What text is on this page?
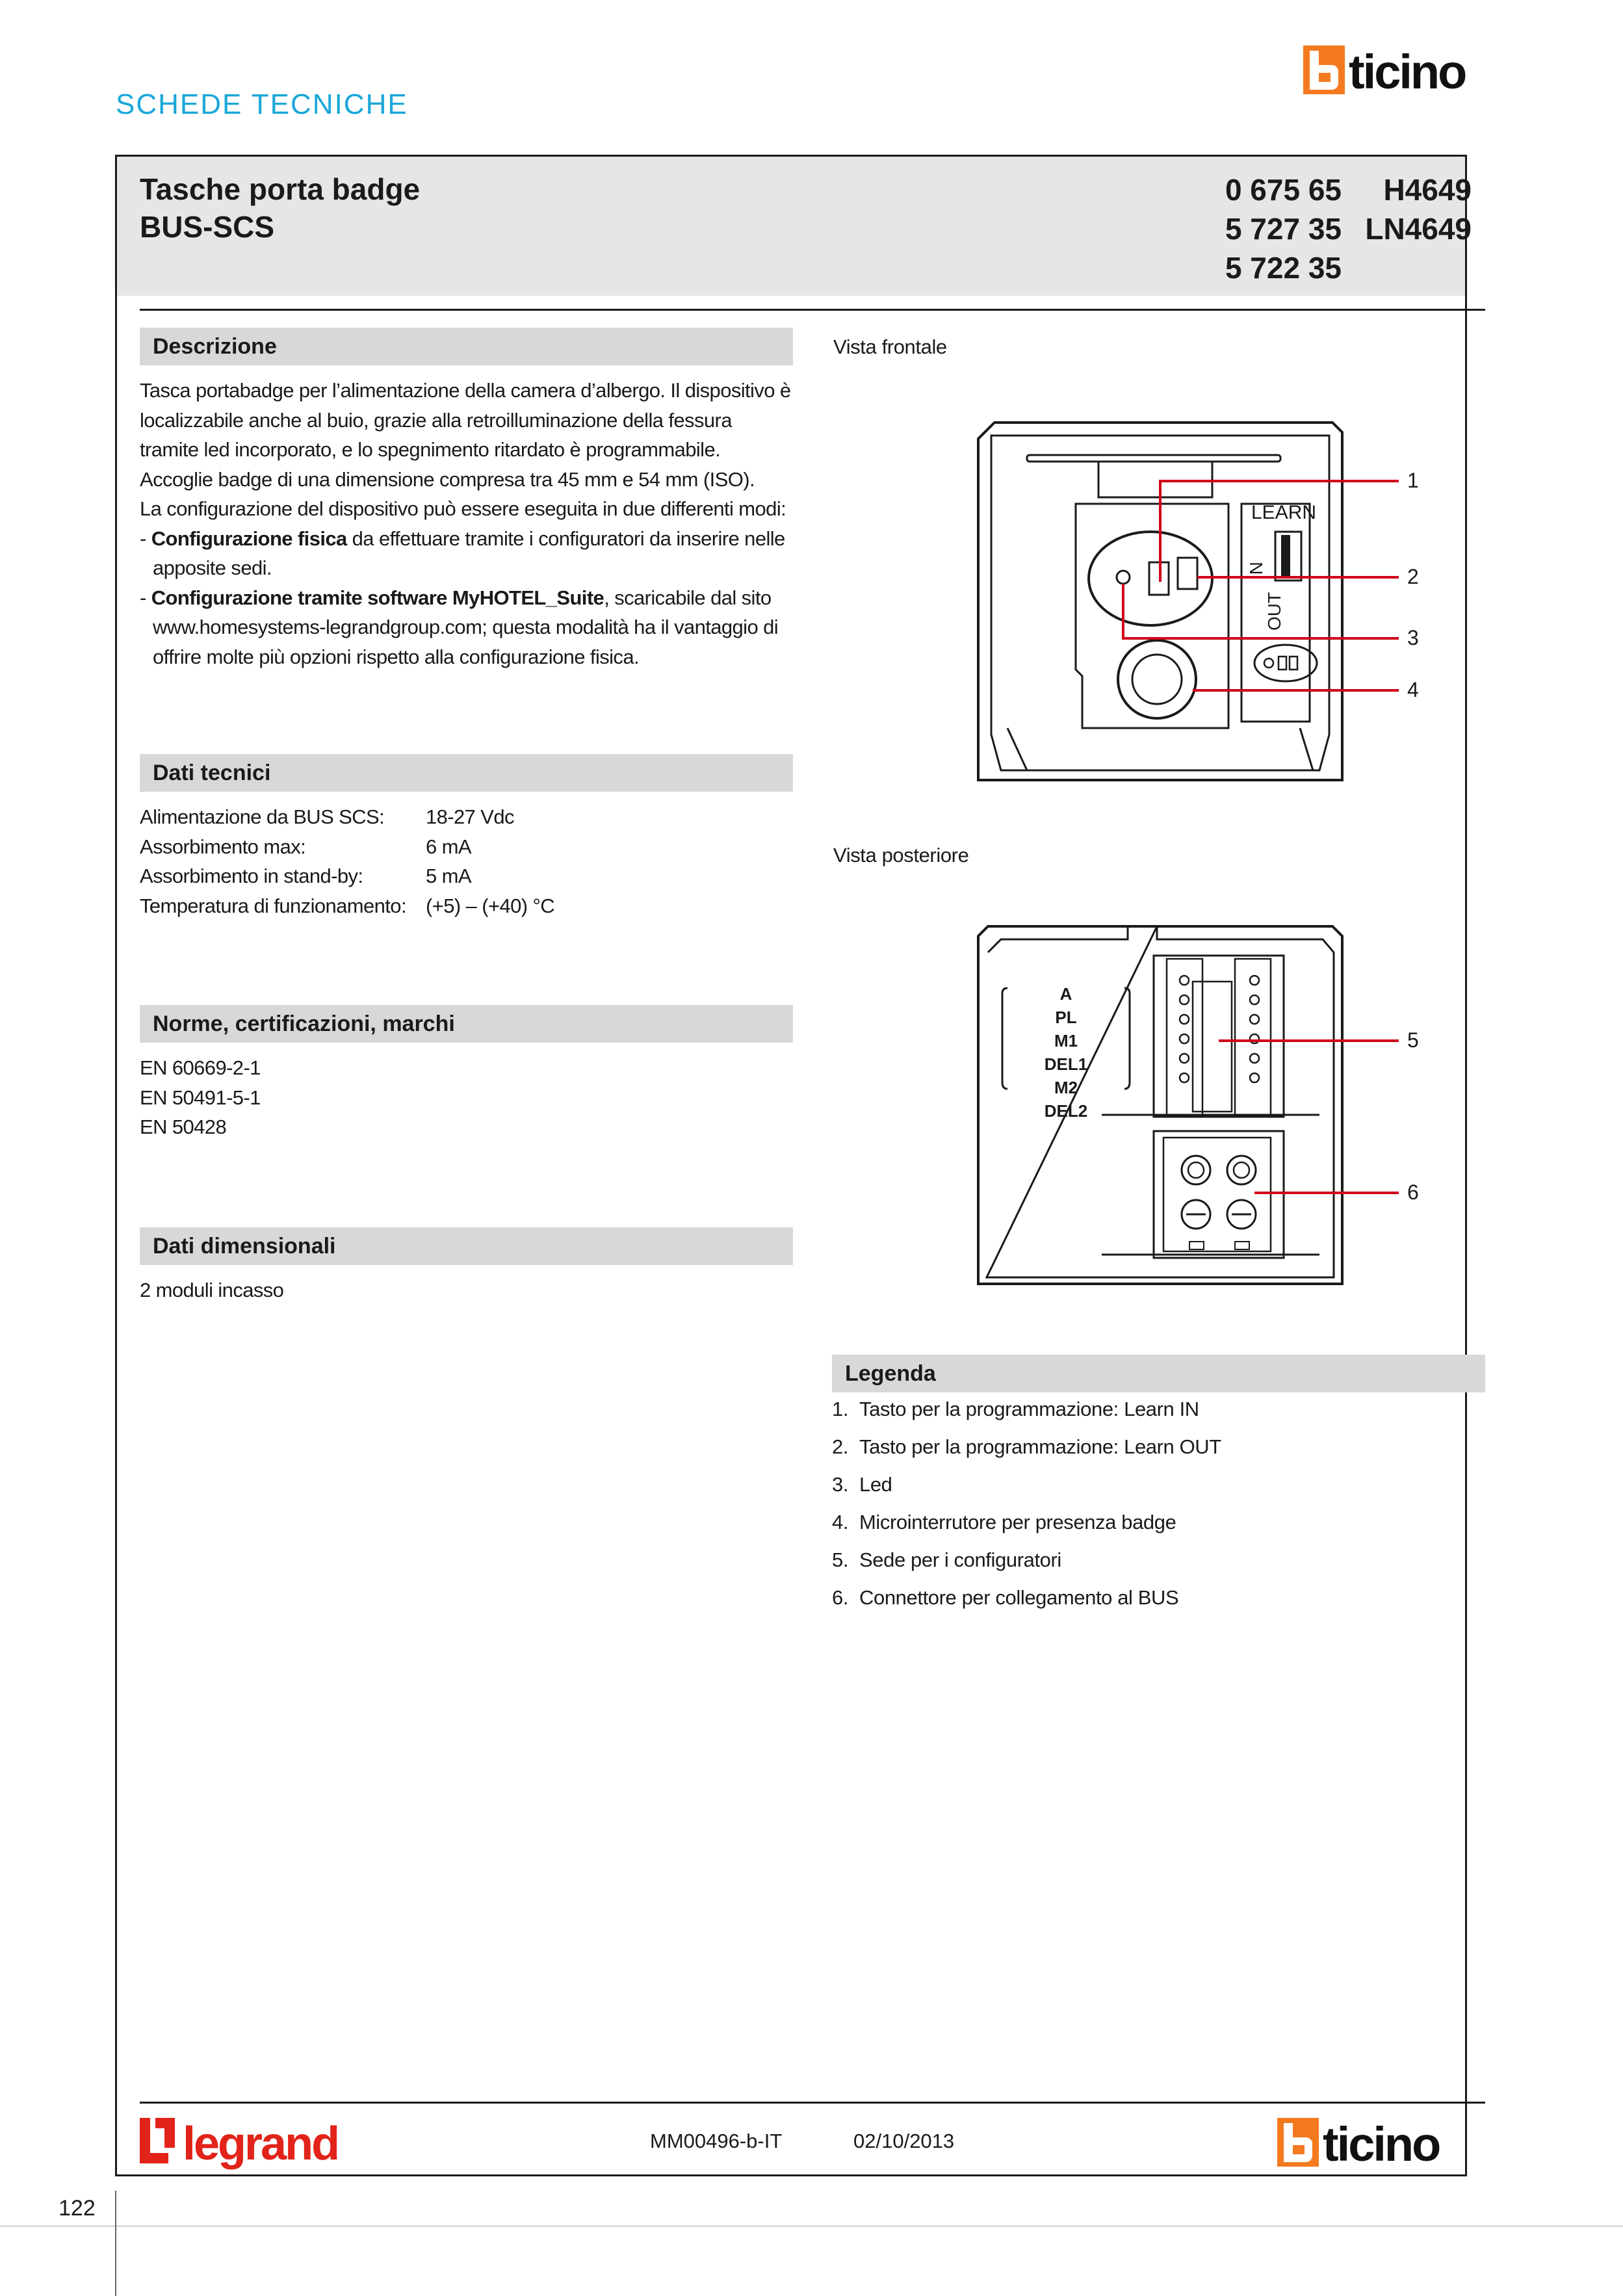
SCHEDE TECNICHE
ticino
Tasche porta badge
BUS-SCS
0 675 65	H4649
5 727 35 LN4649
5 722 35
Descrizione
Tasca portabadge per l’alimentazione della camera d’albergo. Il dispositivo è localizzabile anche al buio, grazie alla retroilluminazione della fessura tramite led incorporato, e lo spegnimento ritardato è programmabile.
Accoglie badge di una dimensione compresa tra 45 mm e 54 mm (ISO).
La configurazione del dispositivo può essere eseguita in due differenti modi:
- Configurazione fisica da effettuare tramite i configuratori da inserire nelle apposite sedi.
- Configurazione tramite software MyHOTEL_Suite, scaricabile dal sito www.homesystems-legrandgroup.com; questa modalità ha il vantaggio di offrire molte più opzioni rispetto alla configurazione fisica.
Dati tecnici
Alimentazione da BUS SCS:	18-27 Vdc
Assorbimento max:	6 mA
Assorbimento in stand-by:	5 mA
Temperatura di funzionamento: (+5) – (+40) °C
Norme, certificazioni, marchi
EN 60669-2-1
EN 50491-5-1
EN 50428
Dati dimensionali
2 moduli incasso
Vista frontale
Vista posteriore
LEARN
OUT
IN
1
2
3
4
A
PL
M1
DEL1
M2
DEL2
5
6
Legenda
1. Tasto per la programmazione: Learn IN
2. Tasto per la programmazione: Learn OUT
3. Led
4. Microinterrutore per presenza badge
5. Sede per i configuratori
6. Connettore per collegamento al BUS
legrand	MM00496-b-IT	02/10/2013	ticino
122
